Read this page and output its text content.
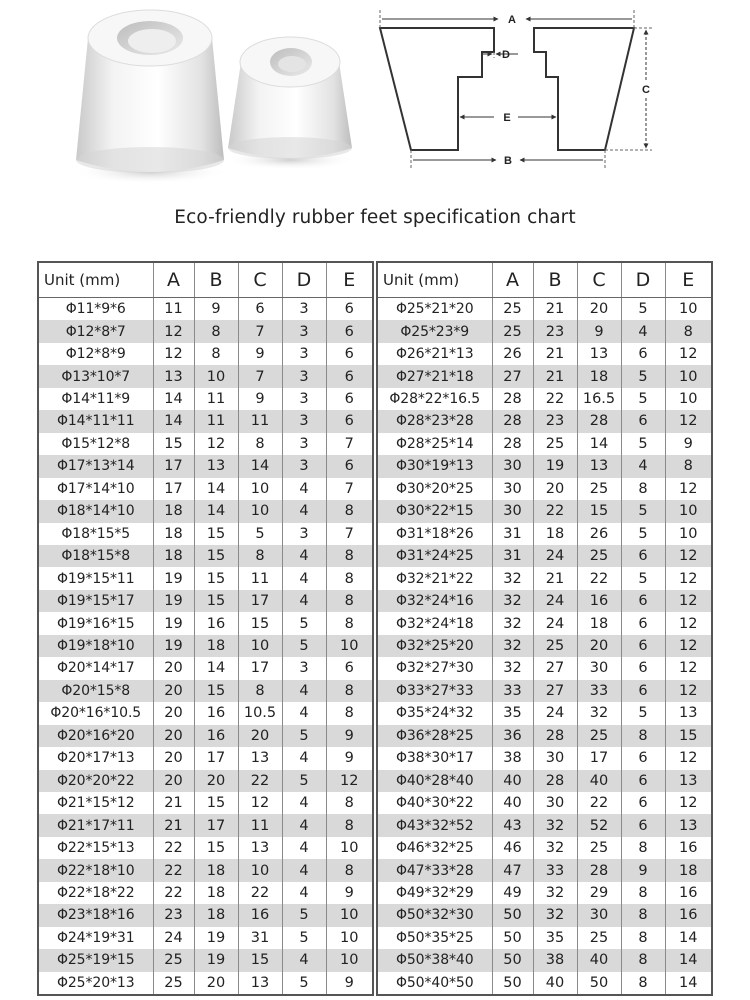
A
D
E
B
C
Eco-friendly rubber feet specification chart
Unit (mm)	A	B	C	D	E
Φ11*9*6	11	9	6	3	6
Φ12*8*7	12	8	7	3	6
Φ12*8*9	12	8	9	3	6
Φ13*10*7	13	10	7	3	6
Φ14*11*9	14	11	9	3	6
Φ14*11*11	14	11	11	3	6
Φ15*12*8	15	12	8	3	7
Φ17*13*14	17	13	14	3	6
Φ17*14*10	17	14	10	4	7
Φ18*14*10	18	14	10	4	8
Φ18*15*5	18	15	5	3	7
Φ18*15*8	18	15	8	4	8
Φ19*15*11	19	15	11	4	8
Φ19*15*17	19	15	17	4	8
Φ19*16*15	19	16	15	5	8
Φ19*18*10	19	18	10	5	10
Φ20*14*17	20	14	17	3	6
Φ20*15*8	20	15	8	4	8
Φ20*16*10.5	20	16	10.5	4	8
Φ20*16*20	20	16	20	5	9
Φ20*17*13	20	17	13	4	9
Φ20*20*22	20	20	22	5	12
Φ21*15*12	21	15	12	4	8
Φ21*17*11	21	17	11	4	8
Φ22*15*13	22	15	13	4	10
Φ22*18*10	22	18	10	4	8
Φ22*18*22	22	18	22	4	9
Φ23*18*16	23	18	16	5	10
Φ24*19*31	24	19	31	5	10
Φ25*19*15	25	19	15	4	10
Φ25*20*13	25	20	13	5	9
Unit (mm)	A	B	C	D	E
Φ25*21*20	25	21	20	5	10
Φ25*23*9	25	23	9	4	8
Φ26*21*13	26	21	13	6	12
Φ27*21*18	27	21	18	5	10
Φ28*22*16.5	28	22	16.5	5	10
Φ28*23*28	28	23	28	6	12
Φ28*25*14	28	25	14	5	9
Φ30*19*13	30	19	13	4	8
Φ30*20*25	30	20	25	8	12
Φ30*22*15	30	22	15	5	10
Φ31*18*26	31	18	26	5	10
Φ31*24*25	31	24	25	6	12
Φ32*21*22	32	21	22	5	12
Φ32*24*16	32	24	16	6	12
Φ32*24*18	32	24	18	6	12
Φ32*25*20	32	25	20	6	12
Φ32*27*30	32	27	30	6	12
Φ33*27*33	33	27	33	6	12
Φ35*24*32	35	24	32	5	13
Φ36*28*25	36	28	25	8	15
Φ38*30*17	38	30	17	6	12
Φ40*28*40	40	28	40	6	13
Φ40*30*22	40	30	22	6	12
Φ43*32*52	43	32	52	6	13
Φ46*32*25	46	32	25	8	16
Φ47*33*28	47	33	28	9	18
Φ49*32*29	49	32	29	8	16
Φ50*32*30	50	32	30	8	16
Φ50*35*25	50	35	25	8	14
Φ50*38*40	50	38	40	8	14
Φ50*40*50	50	40	50	8	14
